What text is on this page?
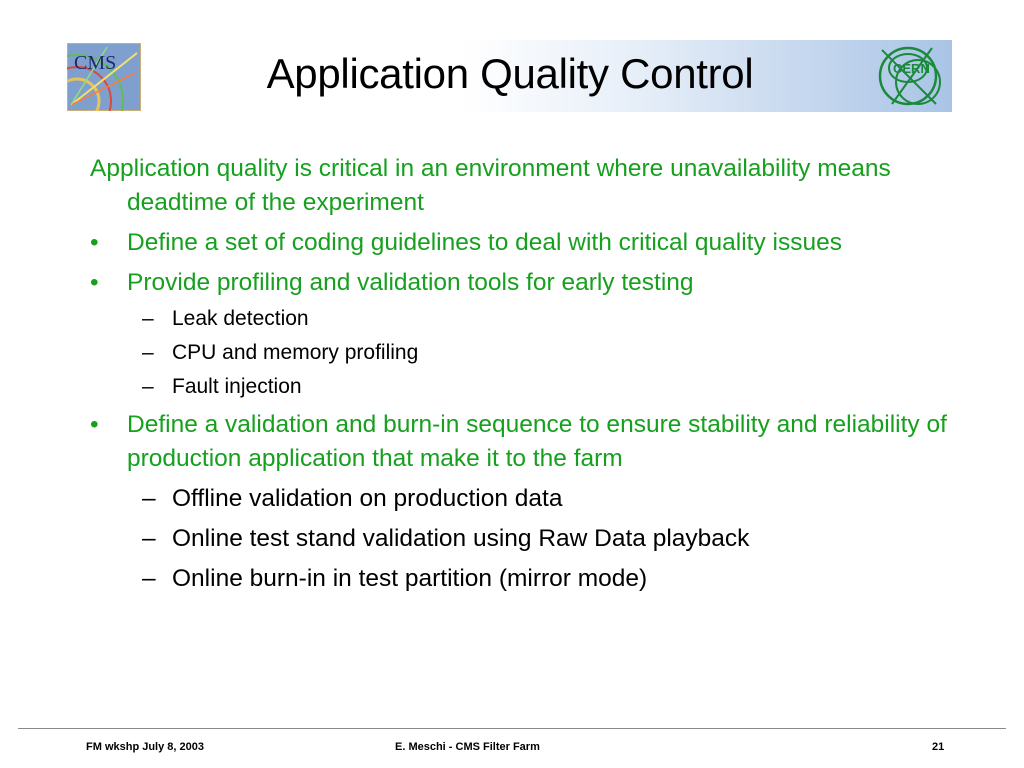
CMS	CERN
Application Quality Control

Application quality is critical in an environment where unavailability means deadtime of the experiment

• Define a set of coding guidelines to deal with critical quality issues
• Provide profiling and validation tools for early testing
– Leak detection
– CPU and memory profiling
– Fault injection
• Define a validation and burn-in sequence to ensure stability and reliability of production application that make it to the farm
– Offline validation on production data
– Online test stand validation using Raw Data playback
– Online burn-in in test partition (mirror mode)
FM wkshp July 8, 2003	E. Meschi - CMS Filter Farm	21
